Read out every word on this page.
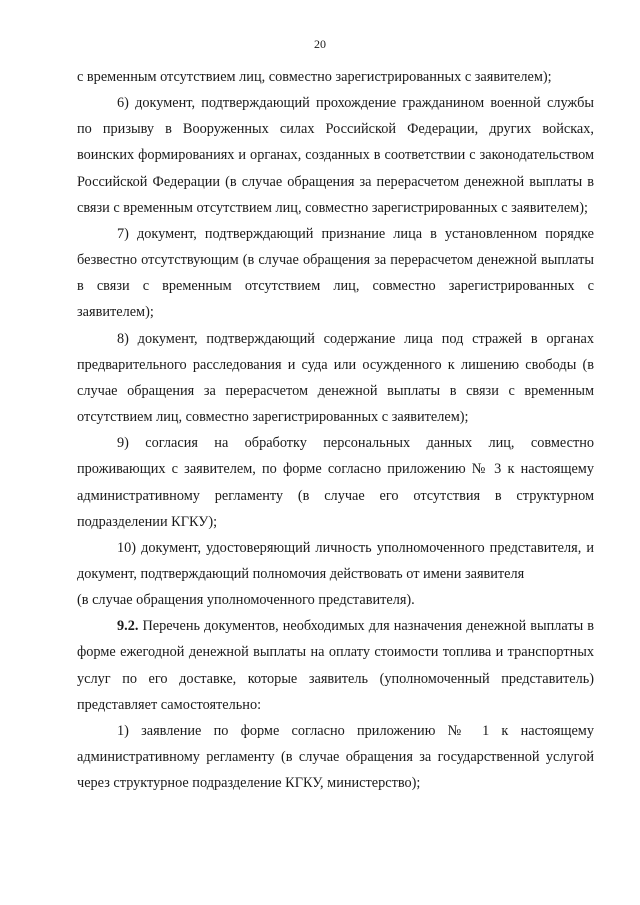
20

с временным отсутствием лиц, совместно зарегистрированных с заявителем);

6) документ, подтверждающий прохождение гражданином военной службы по призыву в Вооруженных силах Российской Федерации, других войсках, воинских формированиях и органах, созданных в соответствии с законодательством Российской Федерации (в случае обращения за перерасчетом денежной выплаты в связи с временным отсутствием лиц, совместно зарегистрированных с заявителем);

7) документ, подтверждающий признание лица в установленном порядке безвестно отсутствующим (в случае обращения за перерасчетом денежной выплаты в связи с временным отсутствием лиц, совместно зарегистрированных с заявителем);

8) документ, подтверждающий содержание лица под стражей в органах предварительного расследования и суда или осужденного к лишению свободы (в случае обращения за перерасчетом денежной выплаты в связи с временным отсутствием лиц, совместно зарегистрированных с заявителем);

9) согласия на обработку персональных данных лиц, совместно проживающих с заявителем, по форме согласно приложению № 3 к настоящему административному регламенту (в случае его отсутствия в структурном подразделении КГКУ);

10) документ, удостоверяющий личность уполномоченного представителя, и документ, подтверждающий полномочия действовать от имени заявителя

(в случае обращения уполномоченного представителя).

9.2. Перечень документов, необходимых для назначения денежной выплаты в форме ежегодной денежной выплаты на оплату стоимости топлива и транспортных услуг по его доставке, которые заявитель (уполномоченный представитель) представляет самостоятельно:

1) заявление по форме согласно приложению № 1 к настоящему административному регламенту (в случае обращения за государственной услугой через структурное подразделение КГКУ, министерство);
